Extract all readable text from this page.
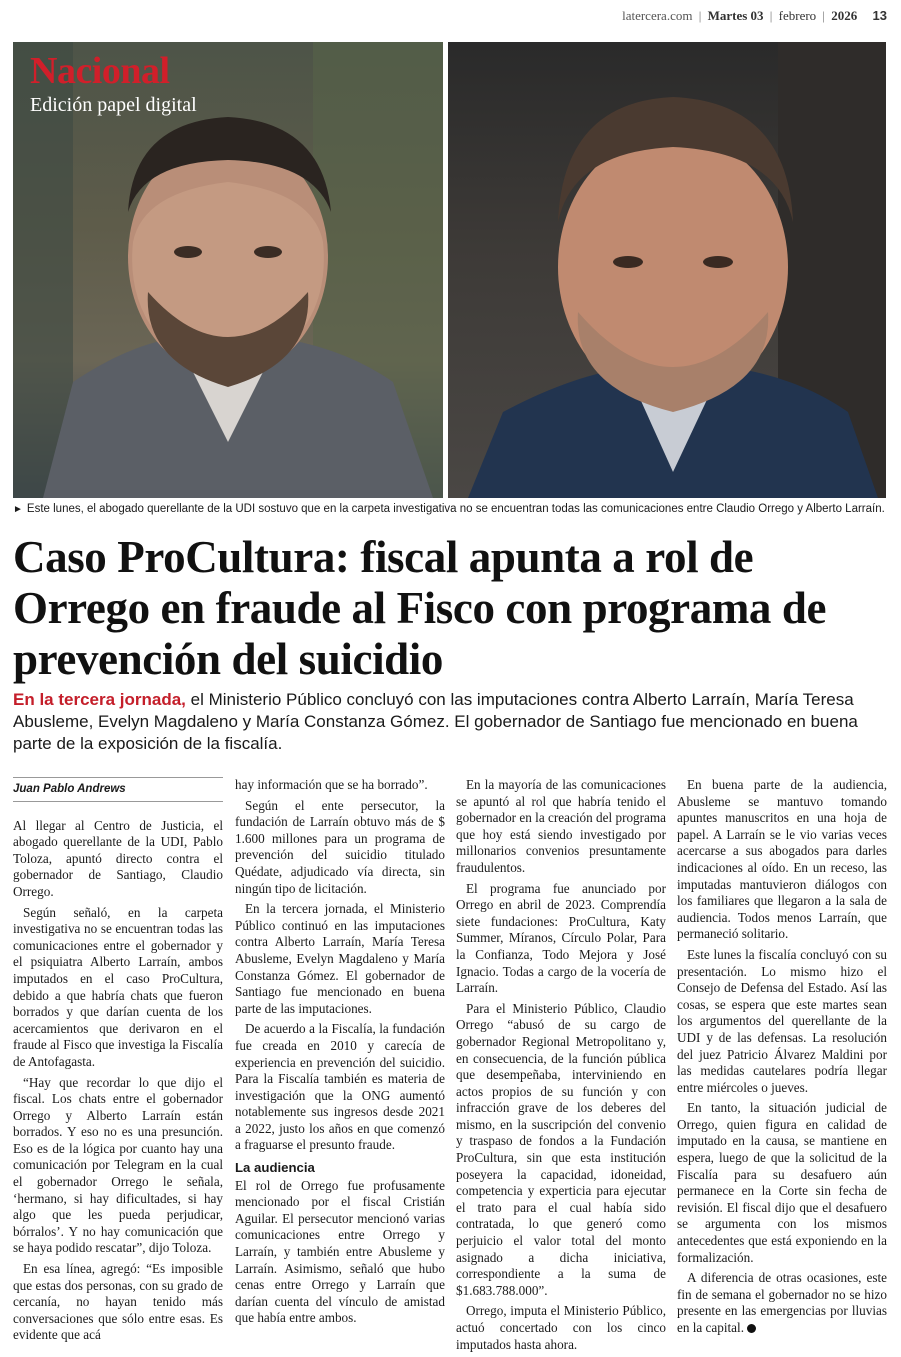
latercera.com | Martes 03 | febrero | 2026 13
Nacional
Edición papel digital
► Este lunes, el abogado querellante de la UDI sostuvo que en la carpeta investigativa no se encuentran todas las comunicaciones entre Claudio Orrego y Alberto Larraín.
Caso ProCultura: fiscal apunta a rol de Orrego en fraude al Fisco con programa de prevención del suicidio

En la tercera jornada, el Ministerio Público concluyó con las imputaciones contra Alberto Larraín, María Teresa Abusleme, Evelyn Magdaleno y María Constanza Gómez. El gobernador de Santiago fue mencionado en buena parte de la exposición de la fiscalía.

Juan Pablo Andrews

Al llegar al Centro de Justicia, el abogado querellante de la UDI, Pablo Toloza, apuntó directo contra el gobernador de Santiago, Claudio Orrego.

Según señaló, en la carpeta investigativa no se encuentran todas las comunicaciones entre el gobernador y el psiquiatra Alberto Larraín, ambos imputados en el caso ProCultura, debido a que habría chats que fueron borrados y que darían cuenta de los acercamientos que derivaron en el fraude al Fisco que investiga la Fiscalía de Antofagasta.

“Hay que recordar lo que dijo el fiscal. Los chats entre el gobernador Orrego y Alberto Larraín están borrados. Y eso no es una presunción. Eso es de la lógica por cuanto hay una comunicación por Telegram en la cual el gobernador Orrego le señala, ‘hermano, si hay dificultades, si hay algo que les pueda perjudicar, bórralos’. Y no hay comunicación que se haya podido rescatar”, dijo Toloza.

En esa línea, agregó: “Es imposible que estas dos personas, con su grado de cercanía, no hayan tenido más conversaciones que sólo entre esas. Es evidente que acá

hay información que se ha borrado”.

Según el ente persecutor, la fundación de Larraín obtuvo más de $ 1.600 millones para un programa de prevención del suicidio titulado Quédate, adjudicado vía directa, sin ningún tipo de licitación.

En la tercera jornada, el Ministerio Público continuó en las imputaciones contra Alberto Larraín, María Teresa Abusleme, Evelyn Magdaleno y María Constanza Gómez. El gobernador de Santiago fue mencionado en buena parte de las imputaciones.

De acuerdo a la Fiscalía, la fundación fue creada en 2010 y carecía de experiencia en prevención del suicidio. Para la Fiscalía también es materia de investigación que la ONG aumentó notablemente sus ingresos desde 2021 a 2022, justo los años en que comenzó a fraguarse el presunto fraude.

La audiencia

El rol de Orrego fue profusamente mencionado por el fiscal Cristián Aguilar. El persecutor mencionó varias comunicaciones entre Orrego y Larraín, y también entre Abusleme y Larraín. Asimismo, señaló que hubo cenas entre Orrego y Larraín que darían cuenta del vínculo de amistad que había entre ambos.

En la mayoría de las comunicaciones se apuntó al rol que habría tenido el gobernador en la creación del programa que hoy está siendo investigado por millonarios convenios presuntamente fraudulentos.

El programa fue anunciado por Orrego en abril de 2023. Comprendía siete fundaciones: ProCultura, Katy Summer, Míranos, Círculo Polar, Para la Confianza, Todo Mejora y José Ignacio. Todas a cargo de la vocería de Larraín.

Para el Ministerio Público, Claudio Orrego “abusó de su cargo de gobernador Regional Metropolitano y, en consecuencia, de la función pública que desempeñaba, interviniendo en actos propios de su función y con infracción grave de los deberes del mismo, en la suscripción del convenio y traspaso de fondos a la Fundación ProCultura, sin que esta institución poseyera la capacidad, idoneidad, competencia y experticia para ejecutar el trato para el cual había sido contratada, lo que generó como perjuicio el valor total del monto asignado a dicha iniciativa, correspondiente a la suma de $1.683.788.000”.

Orrego, imputa el Ministerio Público, actuó concertado con los cinco imputados hasta ahora.

En buena parte de la audiencia, Abusleme se mantuvo tomando apuntes manuscritos en una hoja de papel. A Larraín se le vio varias veces acercarse a sus abogados para darles indicaciones al oído. En un receso, las imputadas mantuvieron diálogos con los familiares que llegaron a la sala de audiencia. Todos menos Larraín, que permaneció solitario.

Este lunes la fiscalía concluyó con su presentación. Lo mismo hizo el Consejo de Defensa del Estado. Así las cosas, se espera que este martes sean los argumentos del querellante de la UDI y de las defensas. La resolución del juez Patricio Álvarez Maldini por las medidas cautelares podría llegar entre miércoles o jueves.

En tanto, la situación judicial de Orrego, quien figura en calidad de imputado en la causa, se mantiene en espera, luego de que la solicitud de la Fiscalía para su desafuero aún permanece en la Corte sin fecha de revisión. El fiscal dijo que el desafuero se argumenta con los mismos antecedentes que está exponiendo en la formalización.

A diferencia de otras ocasiones, este fin de semana el gobernador no se hizo presente en las emergencias por lluvias en la capital.
